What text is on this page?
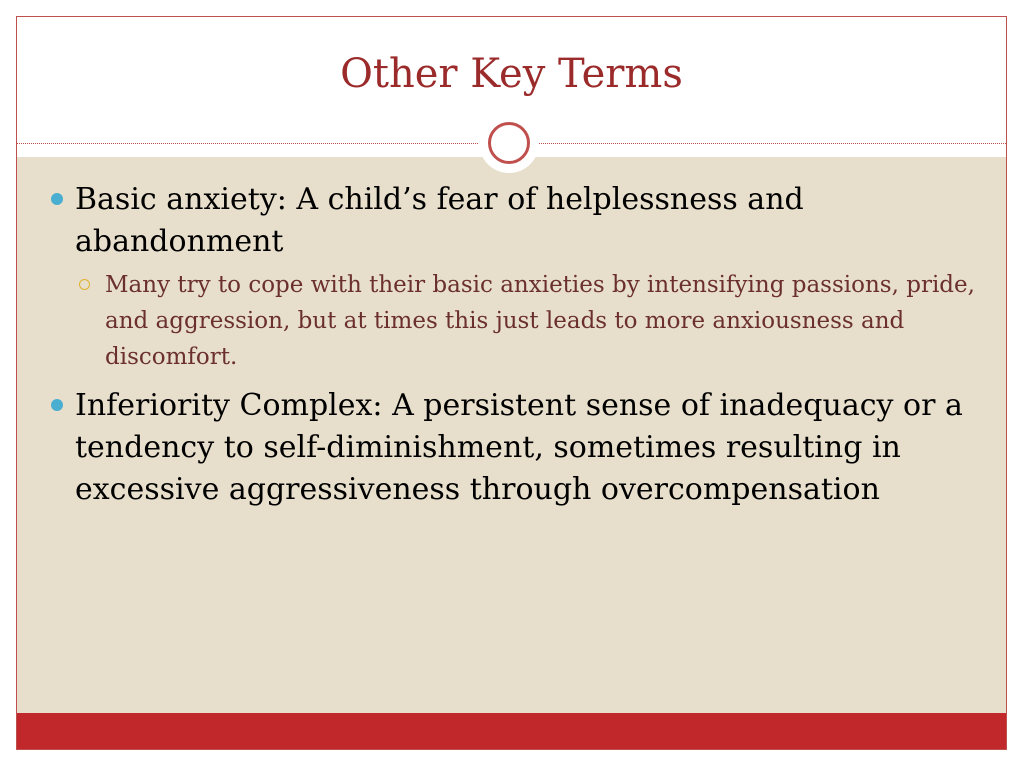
Other Key Terms
Basic anxiety: A child’s fear of helplessness and abandonment
Many try to cope with their basic anxieties by intensifying passions, pride, and aggression, but at times this just leads to more anxiousness and discomfort.
Inferiority Complex: A persistent sense of inadequacy or a tendency to self-diminishment, sometimes resulting in excessive aggressiveness through overcompensation
